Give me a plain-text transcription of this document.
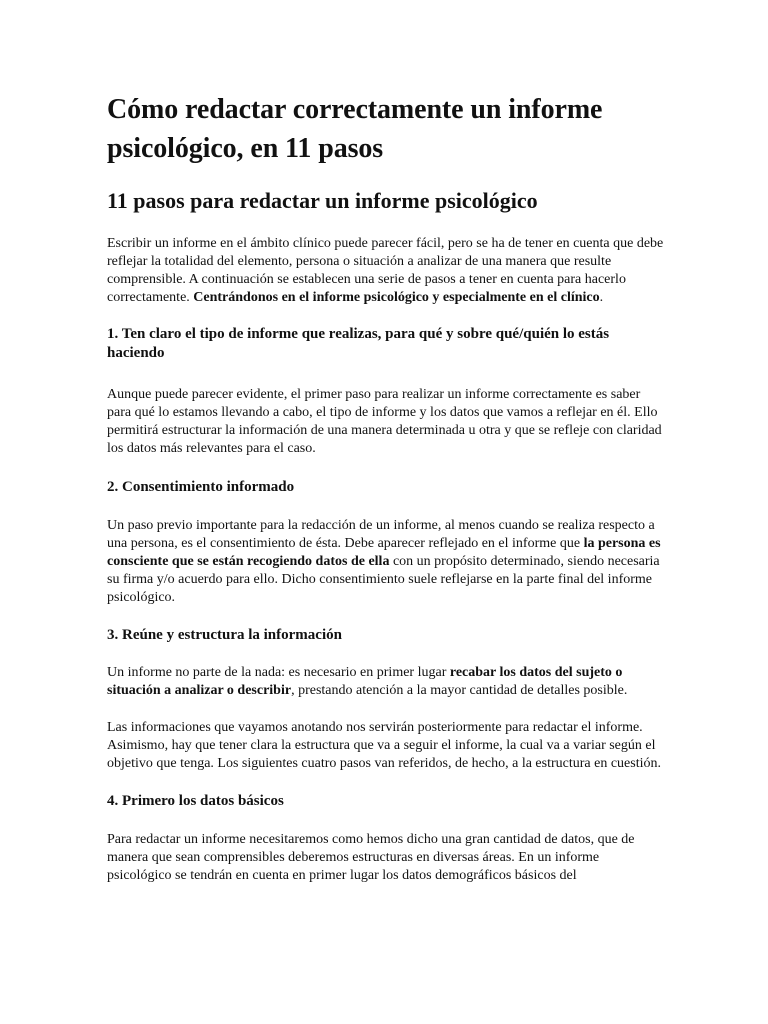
Cómo redactar correctamente un informe psicológico, en 11 pasos
11 pasos para redactar un informe psicológico

Escribir un informe en el ámbito clínico puede parecer fácil, pero se ha de tener en cuenta que debe reflejar la totalidad del elemento, persona o situación a analizar de una manera que resulte comprensible. A continuación se establecen una serie de pasos a tener en cuenta para hacerlo correctamente. Centrándonos en el informe psicológico y especialmente en el clínico.

1. Ten claro el tipo de informe que realizas, para qué y sobre qué/quién lo estás haciendo

Aunque puede parecer evidente, el primer paso para realizar un informe correctamente es saber para qué lo estamos llevando a cabo, el tipo de informe y los datos que vamos a reflejar en él. Ello permitirá estructurar la información de una manera determinada u otra y que se refleje con claridad los datos más relevantes para el caso.

2. Consentimiento informado

Un paso previo importante para la redacción de un informe, al menos cuando se realiza respecto a una persona, es el consentimiento de ésta. Debe aparecer reflejado en el informe que la persona es consciente que se están recogiendo datos de ella con un propósito determinado, siendo necesaria su firma y/o acuerdo para ello. Dicho consentimiento suele reflejarse en la parte final del informe psicológico.

3. Reúne y estructura la información

Un informe no parte de la nada: es necesario en primer lugar recabar los datos del sujeto o situación a analizar o describir, prestando atención a la mayor cantidad de detalles posible.

Las informaciones que vayamos anotando nos servirán posteriormente para redactar el informe. Asimismo, hay que tener clara la estructura que va a seguir el informe, la cual va a variar según el objetivo que tenga. Los siguientes cuatro pasos van referidos, de hecho, a la estructura en cuestión.

4. Primero los datos básicos

Para redactar un informe necesitaremos como hemos dicho una gran cantidad de datos, que de manera que sean comprensibles deberemos estructuras en diversas áreas. En un informe psicológico se tendrán en cuenta en primer lugar los datos demográficos básicos del
